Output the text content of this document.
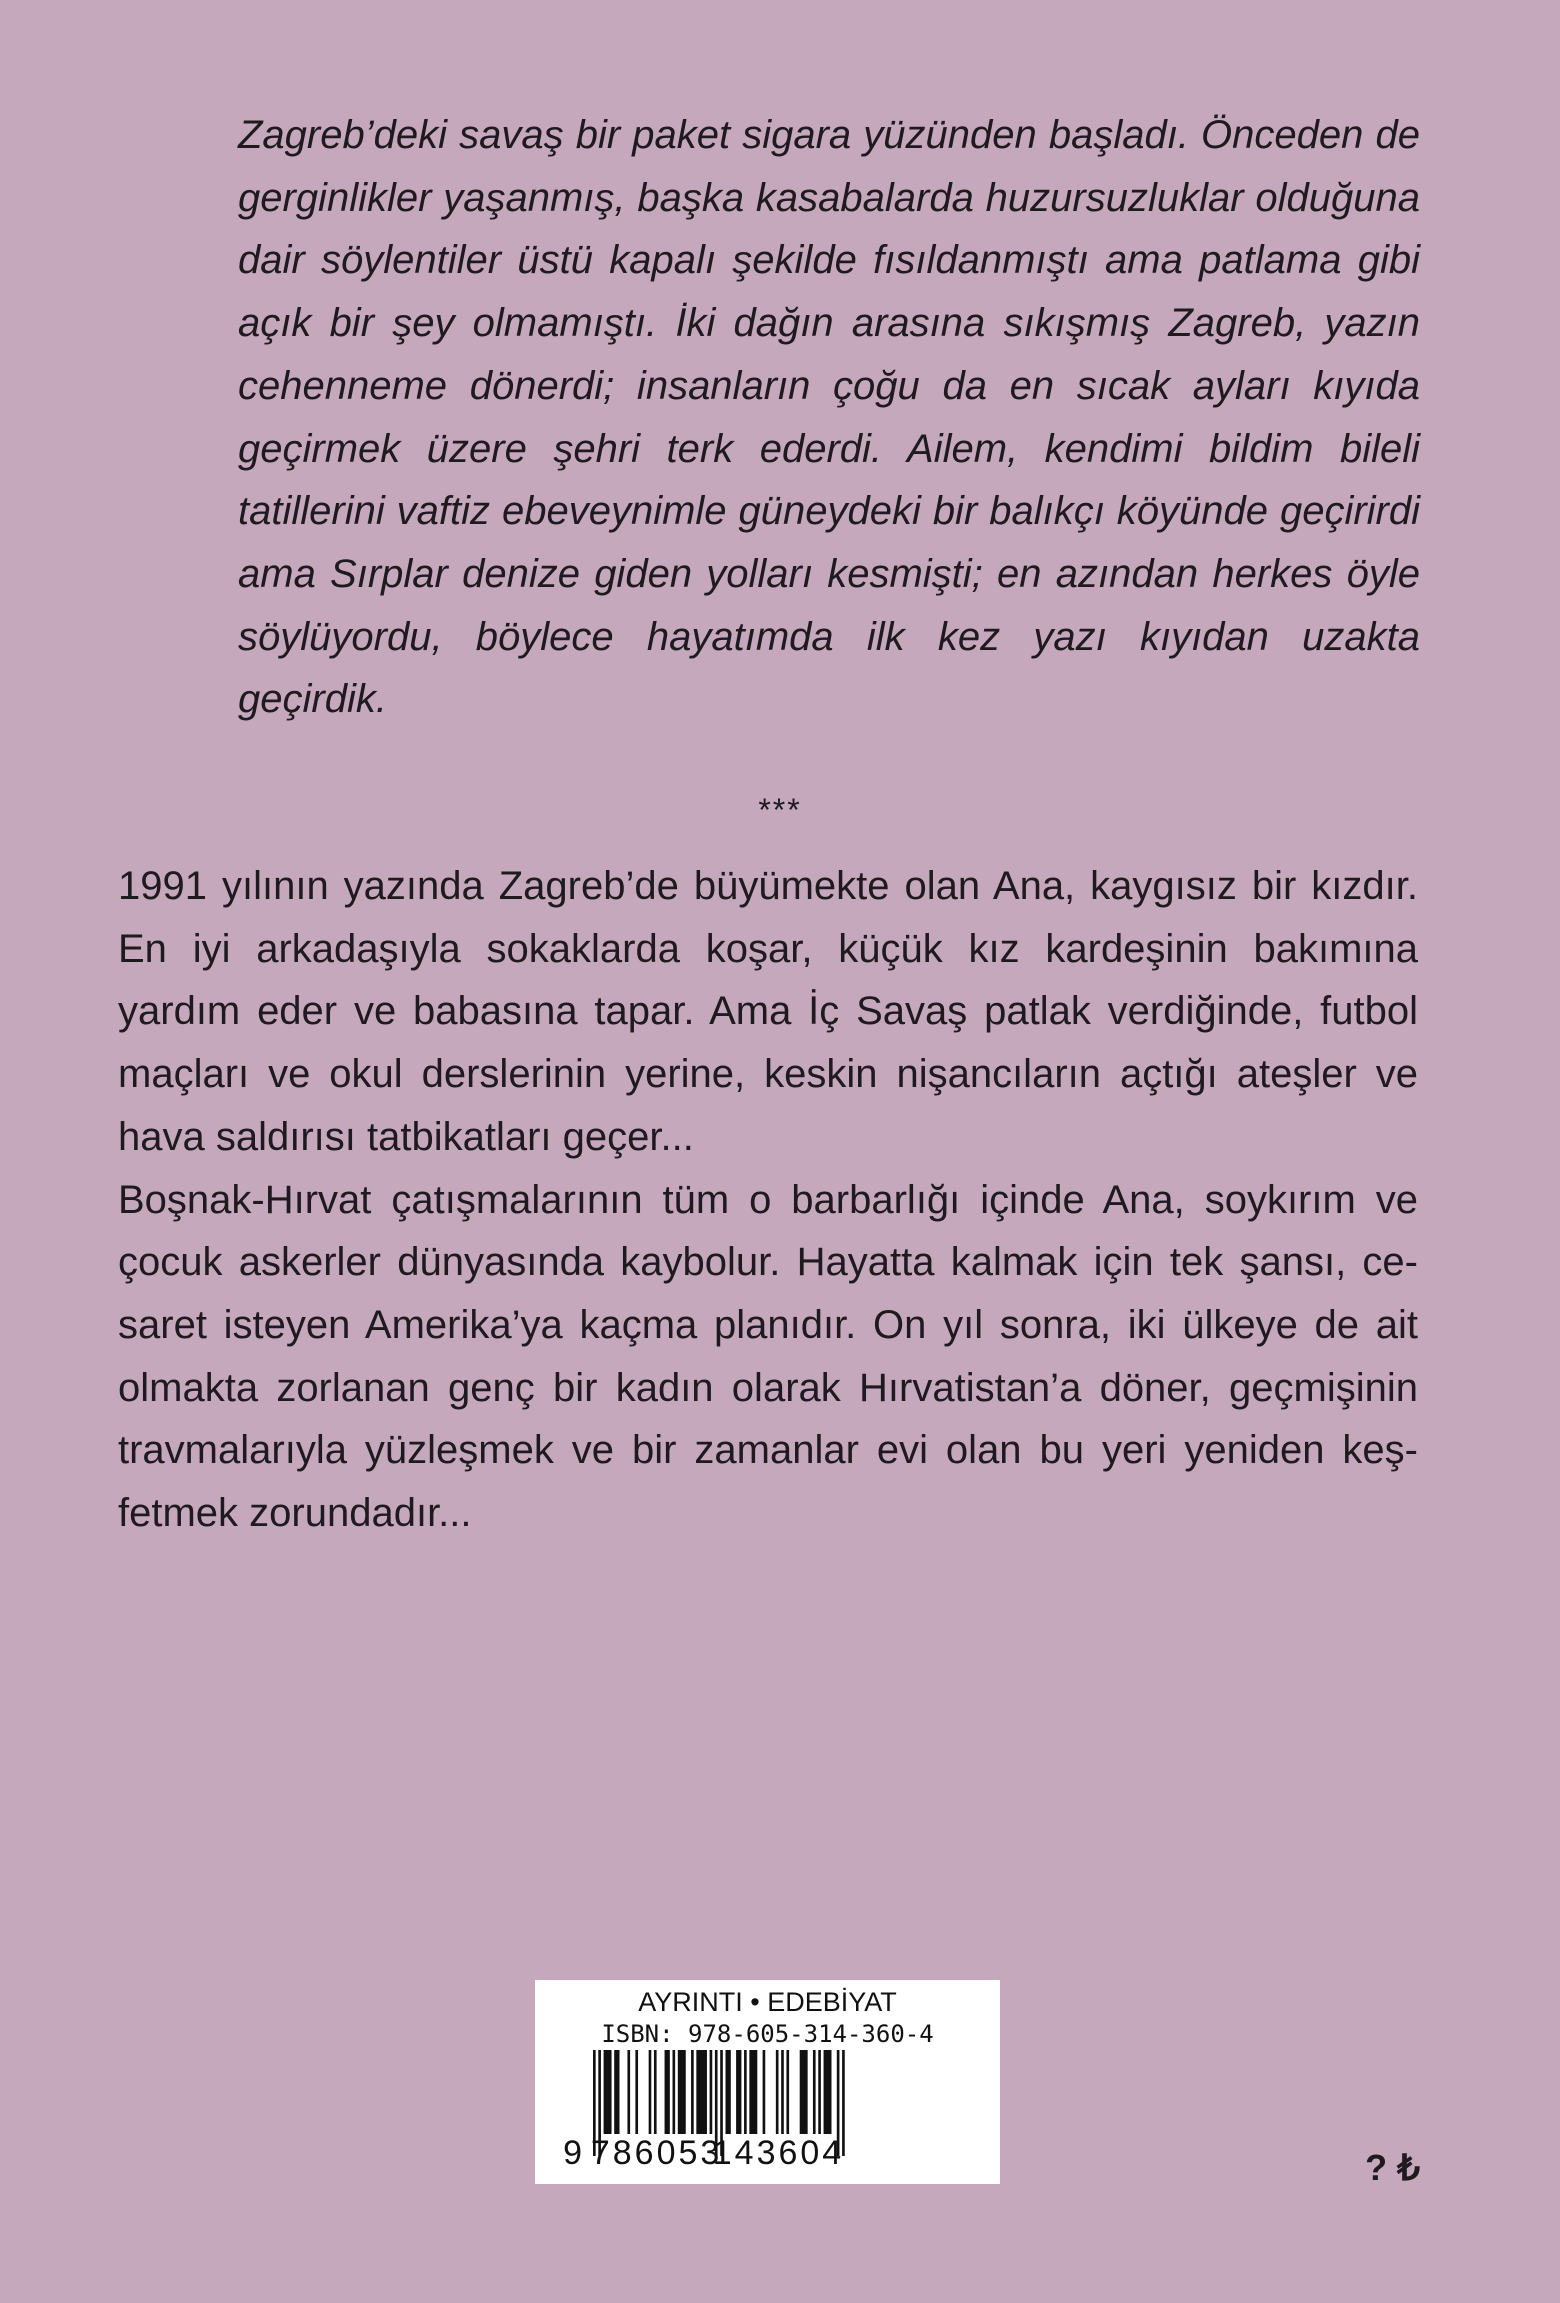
Zagreb’deki savaş bir paket sigara yüzünden başladı. Önceden de gerginlikler yaşanmış, başka kasabalarda huzursuzluklar olduğuna dair söylentiler üstü kapalı şekilde fısıldanmıştı ama patlama gibi açık bir şey olmamıştı. İki dağın arasına sıkışmış Zagreb, yazın cehenneme dönerdi; insanların çoğu da en sıcak ayları kıyıda geçirmek üzere şehri terk ederdi. Ailem, kendimi bildim bileli tatillerini vaftiz ebeveynimle güneydeki bir balıkçı köyünde geçirirdi ama Sırplar denize giden yolları kesmişti; en azından herkes öyle söylüyordu, böylece hayatımda ilk kez yazı kıyıdan uzakta geçirdik.
***

1991 yılının yazında Zagreb’de büyümekte olan Ana, kaygısız bir kızdır. En iyi arkadaşıyla sokaklarda koşar, küçük kız kardeşinin bakımına yardım eder ve babasına tapar. Ama İç Savaş patlak verdiğinde, futbol maçları ve okul derslerinin yerine, keskin nişancıların açtığı ateşler ve hava saldırısı tatbikatları geçer...

Boşnak-Hırvat çatışmalarının tüm o barbarlığı içinde Ana, soykırım ve çocuk askerler dünyasında kaybolur. Hayatta kalmak için tek şansı, cesaret isteyen Amerika’ya kaçma planıdır. On yıl sonra, iki ülkeye de ait olmakta zorlanan genç bir kadın olarak Hırvatistan’a döner, geçmişinin travmalarıyla yüzleşmek ve bir zamanlar evi olan bu yeri yeniden keşfetmek zorundadır...

AYRINTI • EDEBİYAT
ISBN: 978-605-314-360-4
9 786053
143604	? ₺
